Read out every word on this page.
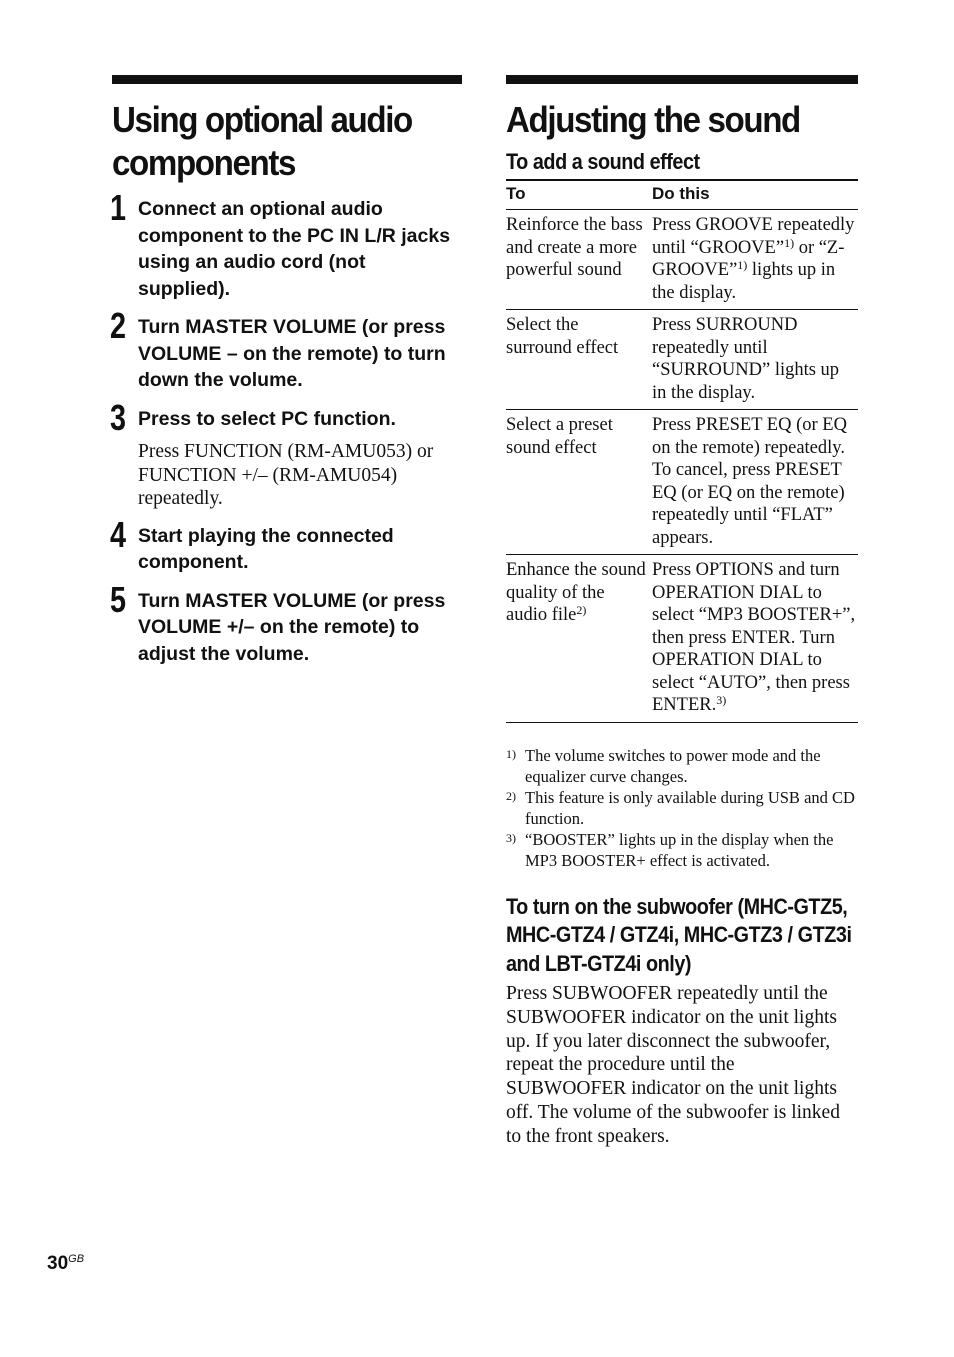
Using optional audio components
1 Connect an optional audio component to the PC IN L/R jacks using an audio cord (not supplied).
2 Turn MASTER VOLUME (or press VOLUME – on the remote) to turn down the volume.
3 Press to select PC function.
Press FUNCTION (RM-AMU053) or FUNCTION +/– (RM-AMU054) repeatedly.
4 Start playing the connected component.
5 Turn MASTER VOLUME (or press VOLUME +/– on the remote) to adjust the volume.
Adjusting the sound
To add a sound effect
To	Do this
Reinforce the bass and create a more powerful sound	Press GROOVE repeatedly until “GROOVE”$^{1)}$ or “Z-GROOVE”$^{1)}$ lights up in the display.
Select the surround effect	Press SURROUND repeatedly until “SURROUND” lights up in the display.
Select a preset sound effect	Press PRESET EQ (or EQ on the remote) repeatedly. To cancel, press PRESET EQ (or EQ on the remote) repeatedly until “FLAT” appears.
Enhance the sound quality of the audio file$^{2)}$	Press OPTIONS and turn OPERATION DIAL to select “MP3 BOOSTER+”, then press ENTER. Turn OPERATION DIAL to select “AUTO”, then press ENTER.$^{3)}$
1) The volume switches to power mode and the equalizer curve changes.
2) This feature is only available during USB and CD function.
3) “BOOSTER” lights up in the display when the MP3 BOOSTER+ effect is activated.
To turn on the subwoofer (MHC-GTZ5, MHC-GTZ4 / GTZ4i, MHC-GTZ3 / GTZ3i and LBT-GTZ4i only)
Press SUBWOOFER repeatedly until the SUBWOOFER indicator on the unit lights up. If you later disconnect the subwoofer, repeat the procedure until the SUBWOOFER indicator on the unit lights off. The volume of the subwoofer is linked to the front speakers.
$30^{GB}$
